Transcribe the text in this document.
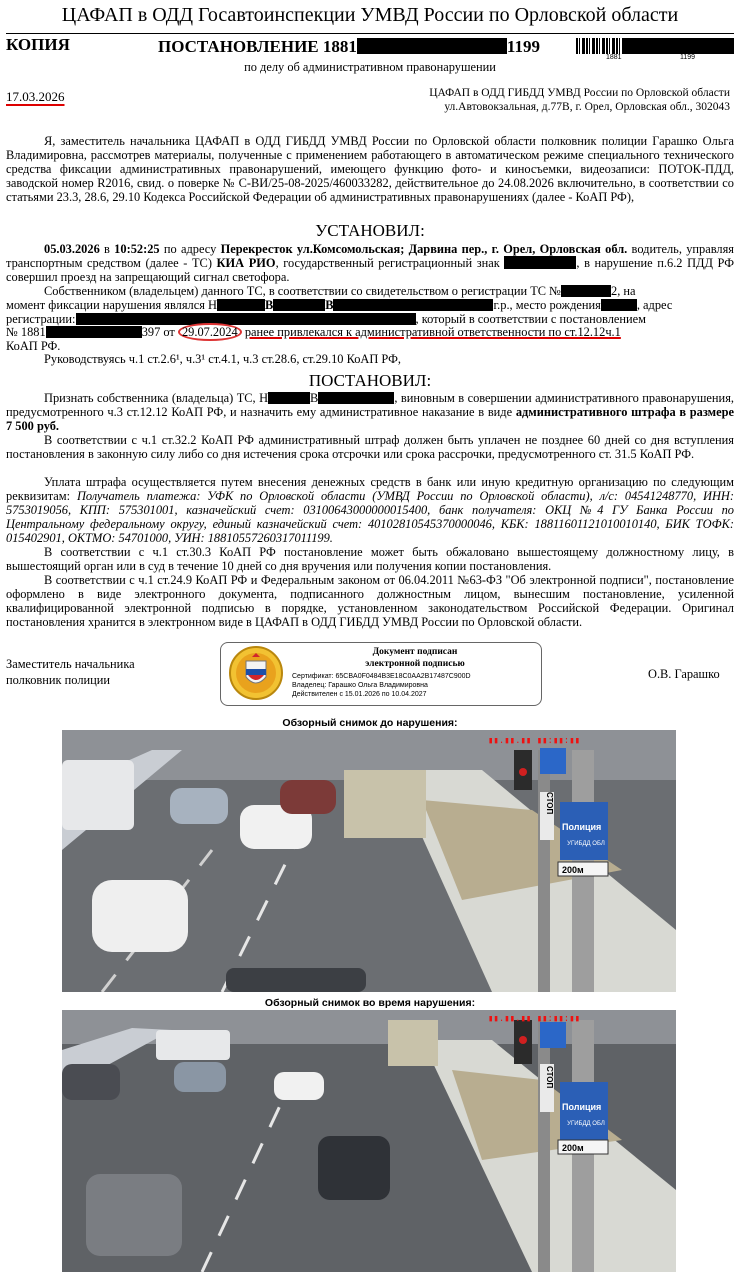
ЦАФАП в ОДД Госавтоинспекции УМВД России по Орловской области
КОПИЯ	ПОСТАНОВЛЕНИЕ 1881	1199
1881	1199
по делу об административном правонарушении
17.03.2026	ЦАФАП в ОДД ГИБДД УМВД России по Орловской области
ул.Автовокзальная, д.77В, г. Орел, Орловская обл., 302043
Я, заместитель начальника ЦАФАП в ОДД ГИБДД УМВД России по Орловской области полковник полиции Гарашко Ольга Владимировна, рассмотрев материалы, полученные с применением работающего в автоматическом режиме специального технического средства фиксации административных правонарушений, имеющего функцию фото- и киносъемки, видеозаписи: ПОТОК-ПДД, заводской номер R2016, свид. о поверке № С-ВИ/25-08-2025/460033282, действительное до 24.08.2026 включительно, в соответствии со статьями 23.3, 28.6, 29.10 Кодекса Российской Федерации об административных правонарушениях (далее - КоАП РФ),
УСТАНОВИЛ:
05.03.2026 в 10:52:25 по адресу Перекресток ул.Комсомольская; Дарвина пер., г. Орел, Орловская обл. водитель, управляя транспортным средством (далее - ТС) КИА РИО, государственный регистрационный знак	, в нарушение п.6.2 ПДД РФ совершил проезд на запрещающий сигнал светофора.
Собственником (владельцем) данного ТС, в соответствии со свидетельством о регистрации ТС №	2, на
момент фиксации нарушения являлся Н	В	В	г.р., место рождения	, адрес
регистрации:	, который в соответствии с постановлением
№ 1881	397 от 29.07.2024 ранее привлекался к административной ответственности по ст.12.12ч.1
КоАП РФ.
Руководствуясь ч.1 ст.2.6¹, ч.3¹ ст.4.1, ч.3 ст.28.6, ст.29.10 КоАП РФ,
ПОСТАНОВИЛ:
Признать собственника (владельца) ТС, Н	В	, виновным в совершении административного правонарушения, предусмотренного ч.3 ст.12.12 КоАП РФ, и назначить ему административное наказание в виде административного штрафа в размере 7 500 руб.
В соответствии с ч.1 ст.32.2 КоАП РФ административный штраф должен быть уплачен не позднее 60 дней со дня вступления постановления в законную силу либо со дня истечения срока отсрочки или срока рассрочки, предусмотренного ст. 31.5 КоАП РФ.
Уплата штрафа осуществляется путем внесения денежных средств в банк или иную кредитную организацию по следующим реквизитам: Получатель платежа: УФК по Орловской области (УМВД России по Орловской области), л/с: 04541248770, ИНН: 5753019056, КПП: 575301001, казначейский счет: 03100643000000015400, банк получателя: ОКЦ №4 ГУ Банка России по Центральному федеральному округу, единый казначейский счет: 40102810545370000046, КБК: 18811601121010010140, БИК ТОФК: 015402901, ОКТМО: 54701000, УИН: 18810557260317011199.
В соответствии с ч.1 ст.30.3 КоАП РФ постановление может быть обжаловано вышестоящему должностному лицу, в вышестоящий орган или в суд в течение 10 дней со дня вручения или получения копии постановления.
В соответствии с ч.1 ст.24.9 КоАП РФ и Федеральным законом от 06.04.2011 №63-ФЗ "Об электронной подписи", постановление оформлено в виде электронного документа, подписанного должностным лицом, вынесшим постановление, усиленной квалифицированной электронной подписью в порядке, установленном законодательством Российской Федерации. Оригинал постановления хранится в электронном виде в ЦАФАП в ОДД ГИБДД УМВД России по Орловской области.
Заместитель начальника
полковник полиции
Документ подписан
электронной подписью
Сертификат: 65CBA0F0484B3E18C0AA2B17487C900D
Владелец: Гарашко Ольга Владимировна
Действителен с 15.01.2026 по 10.04.2027
О.В. Гарашко
Обзорный снимок до нарушения:
▮▮.▮▮.▮▮ ▮▮:▮▮:▮▮
СТОП
Полиция
УГИБДД ОБЛ
200м
Обзорный снимок во время нарушения:
▮▮.▮▮.▮▮ ▮▮:▮▮:▮▮
СТОП
Полиция
УГИБДД ОБЛ
200м
